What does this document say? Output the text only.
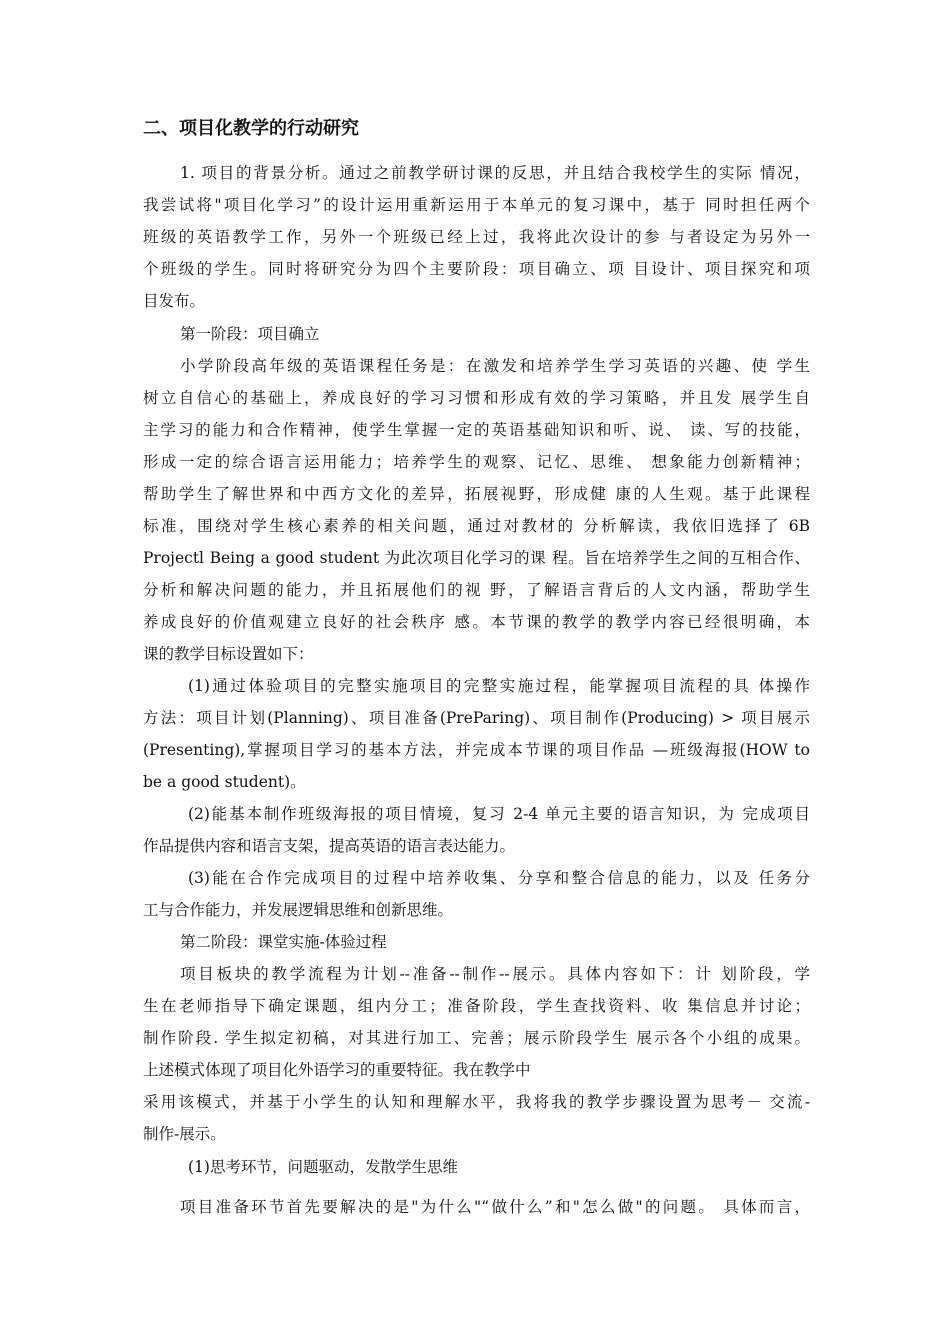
二、项目化教学的行动研究
1. 项目的背景分析。通过之前教学研讨课的反思，并且结合我校学生的实际 情况，
我尝试将"项目化学习”的设计运用重新运用于本单元的复习课中，基于 同时担任两个
班级的英语教学工作，另外一个班级已经上过，我将此次设计的参 与者设定为另外一
个班级的学生。同时将研究分为四个主要阶段：项目确立、项 目设计、项目探究和项
目发布。
第一阶段：项目确立
小学阶段高年级的英语课程任务是：在激发和培养学生学习英语的兴趣、使 学生
树立自信心的基础上，养成良好的学习习惯和形成有效的学习策略，并且发 展学生自
主学习的能力和合作精神，使学生掌握一定的英语基础知识和听、说、 读、写的技能，
形成一定的综合语言运用能力；培养学生的观察、记忆、思维、 想象能力创新精神；
帮助学生了解世界和中西方文化的差异，拓展视野，形成健 康的人生观。基于此课程
标准，围绕对学生核心素养的相关问题，通过对教材的 分析解读，我依旧选择了 6B
Projectl Being a good student 为此次项目化学习的课 程。旨在培养学生之间的互相合作、
分析和解决问题的能力，并且拓展他们的视 野，了解语言背后的人文内涵，帮助学生
养成良好的价值观建立良好的社会秩序 感。本节课的教学的教学内容已经很明确，本
课的教学目标设置如下：
(1)通过体验项目的完整实施项目的完整实施过程，能掌握项目流程的具 体操作
方法：项目计划(Planning)、项目准备(PreParing)、项目制作(Producing) > 项目展示
(Presenting),掌握项目学习的基本方法，并完成本节课的项目作品 —班级海报(HOW to
be a good student)。
(2)能基本制作班级海报的项目情境，复习 2-4 单元主要的语言知识，为 完成项目
作品提供内容和语言支架，提高英语的语言表达能力。
(3)能在合作完成项目的过程中培养收集、分享和整合信息的能力，以及 任务分
工与合作能力，并发展逻辑思维和创新思维。
第二阶段：课堂实施-体验过程
项目板块的教学流程为计划--准备--制作--展示。具体内容如下：计 划阶段，学
生在老师指导下确定课题，组内分工；准备阶段，学生查找资料、收 集信息并讨论；
制作阶段. 学生拟定初稿，对其进行加工、完善；展示阶段学生 展示各个小组的成果。
上述模式体现了项目化外语学习的重要特征。我在教学中
采用该模式，并基于小学生的认知和理解水平，我将我的教学步骤设置为思考－ 交流-
制作-展示。
(1)思考环节，问题驱动，发散学生思维
项目准备环节首先要解决的是"为什么"“做什么”和"怎么做"的问题。 具体而言，
